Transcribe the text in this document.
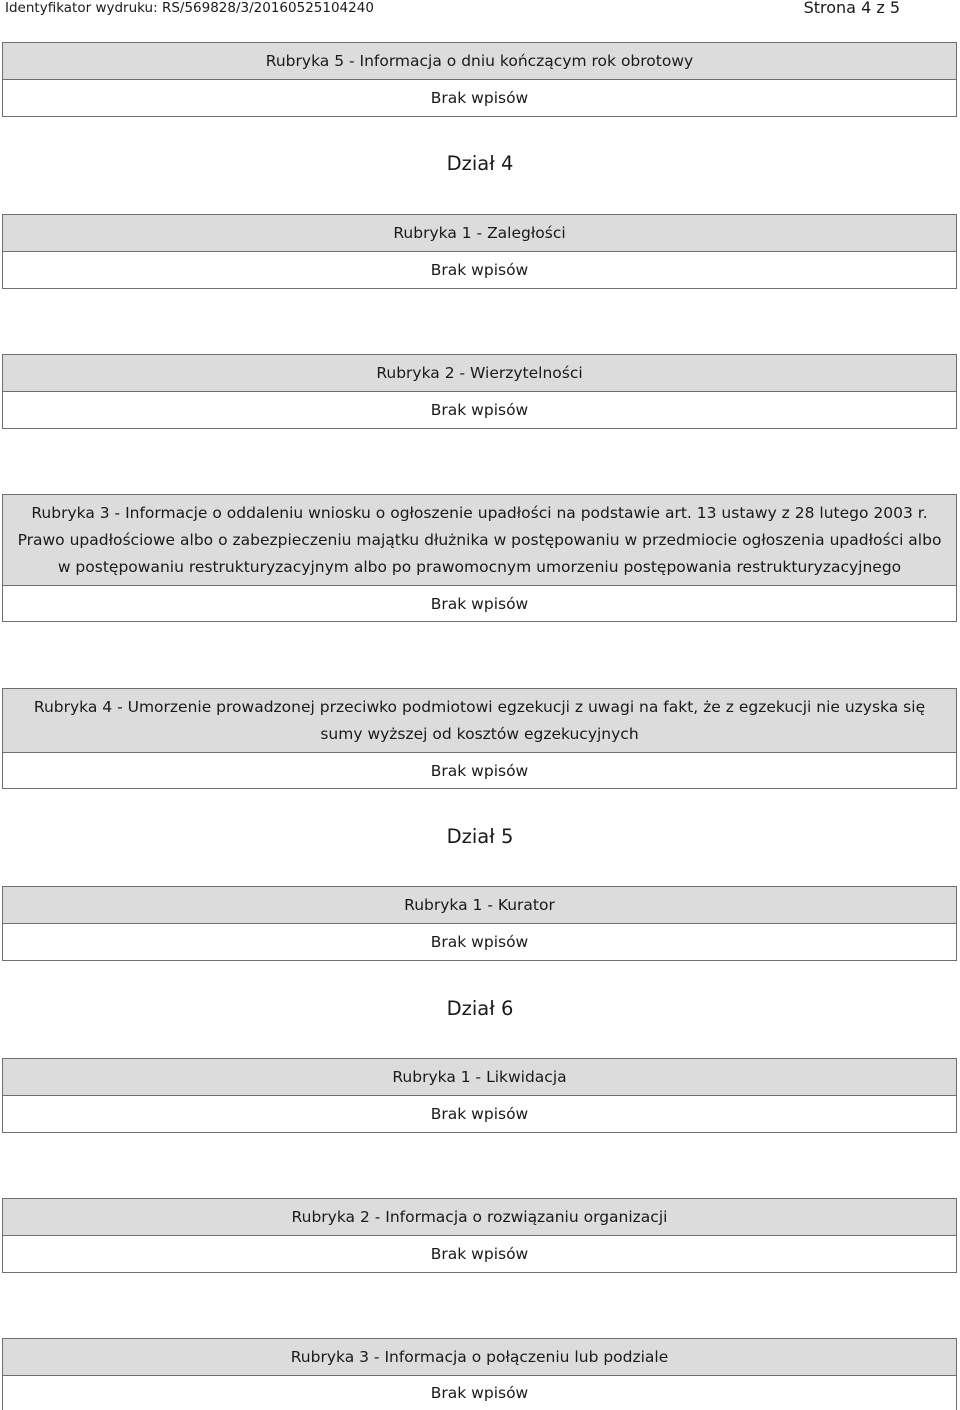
Identyfikator wydruku: RS/569828/3/20160525104240	Strona 4 z 5
Rubryka 5 - Informacja o dniu kończącym rok obrotowy
Brak wpisów
Dział 4
Rubryka 1 - Zaległości
Brak wpisów
Rubryka 2 - Wierzytelności
Brak wpisów
Rubryka 3 - Informacje o oddaleniu wniosku o ogłoszenie upadłości na podstawie art. 13 ustawy z 28 lutego 2003 r. Prawo upadłościowe albo o zabezpieczeniu majątku dłużnika w postępowaniu w przedmiocie ogłoszenia upadłości albo w postępowaniu restrukturyzacyjnym albo po prawomocnym umorzeniu postępowania restrukturyzacyjnego
Brak wpisów
Rubryka 4 - Umorzenie prowadzonej przeciwko podmiotowi egzekucji z uwagi na fakt, że z egzekucji nie uzyska się sumy wyższej od kosztów egzekucyjnych
Brak wpisów
Dział 5
Rubryka 1 - Kurator
Brak wpisów
Dział 6
Rubryka 1 - Likwidacja
Brak wpisów
Rubryka 2 - Informacja o rozwiązaniu organizacji
Brak wpisów
Rubryka 3 - Informacja o połączeniu lub podziale
Brak wpisów
